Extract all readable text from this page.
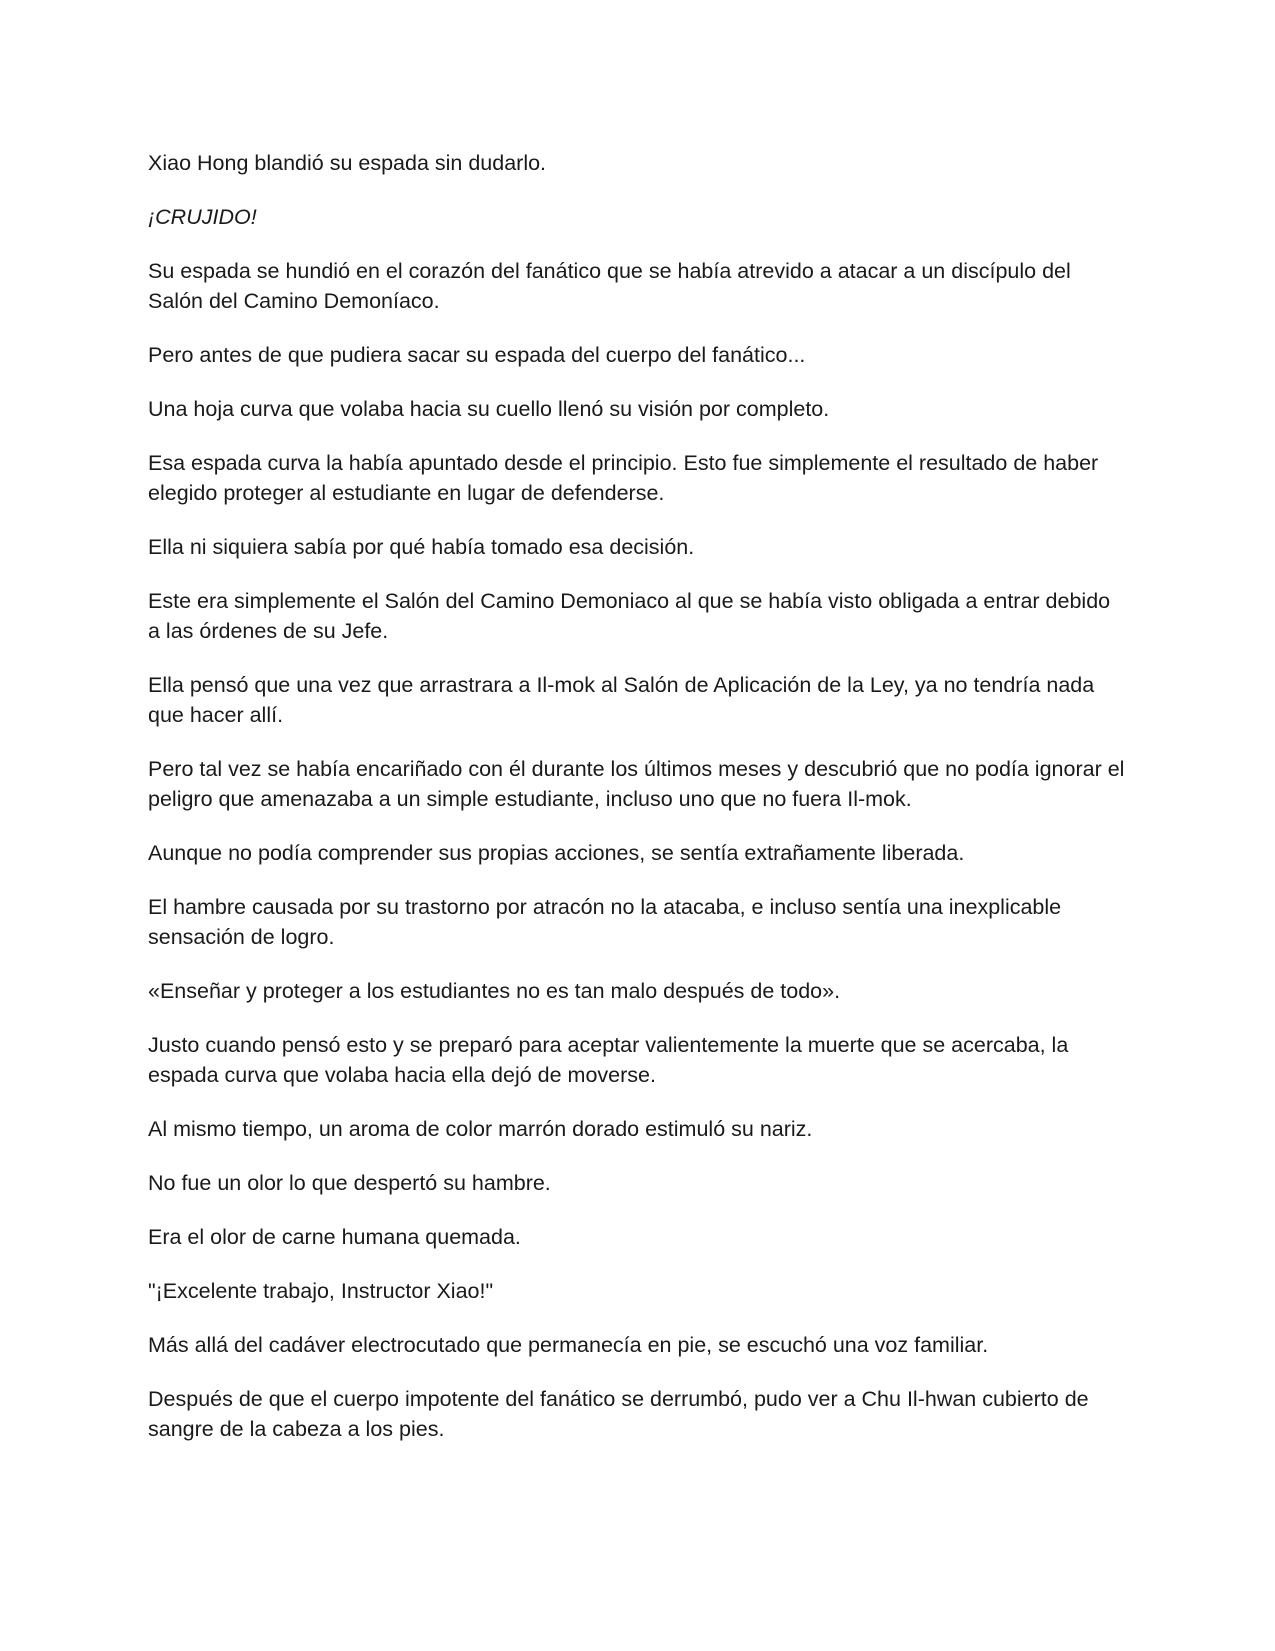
Xiao Hong blandió su espada sin dudarlo.

¡CRUJIDO!

Su espada se hundió en el corazón del fanático que se había atrevido a atacar a un discípulo del Salón del Camino Demoníaco.

Pero antes de que pudiera sacar su espada del cuerpo del fanático...

Una hoja curva que volaba hacia su cuello llenó su visión por completo.

Esa espada curva la había apuntado desde el principio. Esto fue simplemente el resultado de haber elegido proteger al estudiante en lugar de defenderse.

Ella ni siquiera sabía por qué había tomado esa decisión.

Este era simplemente el Salón del Camino Demoniaco al que se había visto obligada a entrar debido a las órdenes de su Jefe.

Ella pensó que una vez que arrastrara a Il-mok al Salón de Aplicación de la Ley, ya no tendría nada que hacer allí.

Pero tal vez se había encariñado con él durante los últimos meses y descubrió que no podía ignorar el peligro que amenazaba a un simple estudiante, incluso uno que no fuera Il-mok.

Aunque no podía comprender sus propias acciones, se sentía extrañamente liberada.

El hambre causada por su trastorno por atracón no la atacaba, e incluso sentía una inexplicable sensación de logro.

«Enseñar y proteger a los estudiantes no es tan malo después de todo».

Justo cuando pensó esto y se preparó para aceptar valientemente la muerte que se acercaba, la espada curva que volaba hacia ella dejó de moverse.

Al mismo tiempo, un aroma de color marrón dorado estimuló su nariz.

No fue un olor lo que despertó su hambre.

Era el olor de carne humana quemada.

"¡Excelente trabajo, Instructor Xiao!"

Más allá del cadáver electrocutado que permanecía en pie, se escuchó una voz familiar.

Después de que el cuerpo impotente del fanático se derrumbó, pudo ver a Chu Il-hwan cubierto de sangre de la cabeza a los pies.
